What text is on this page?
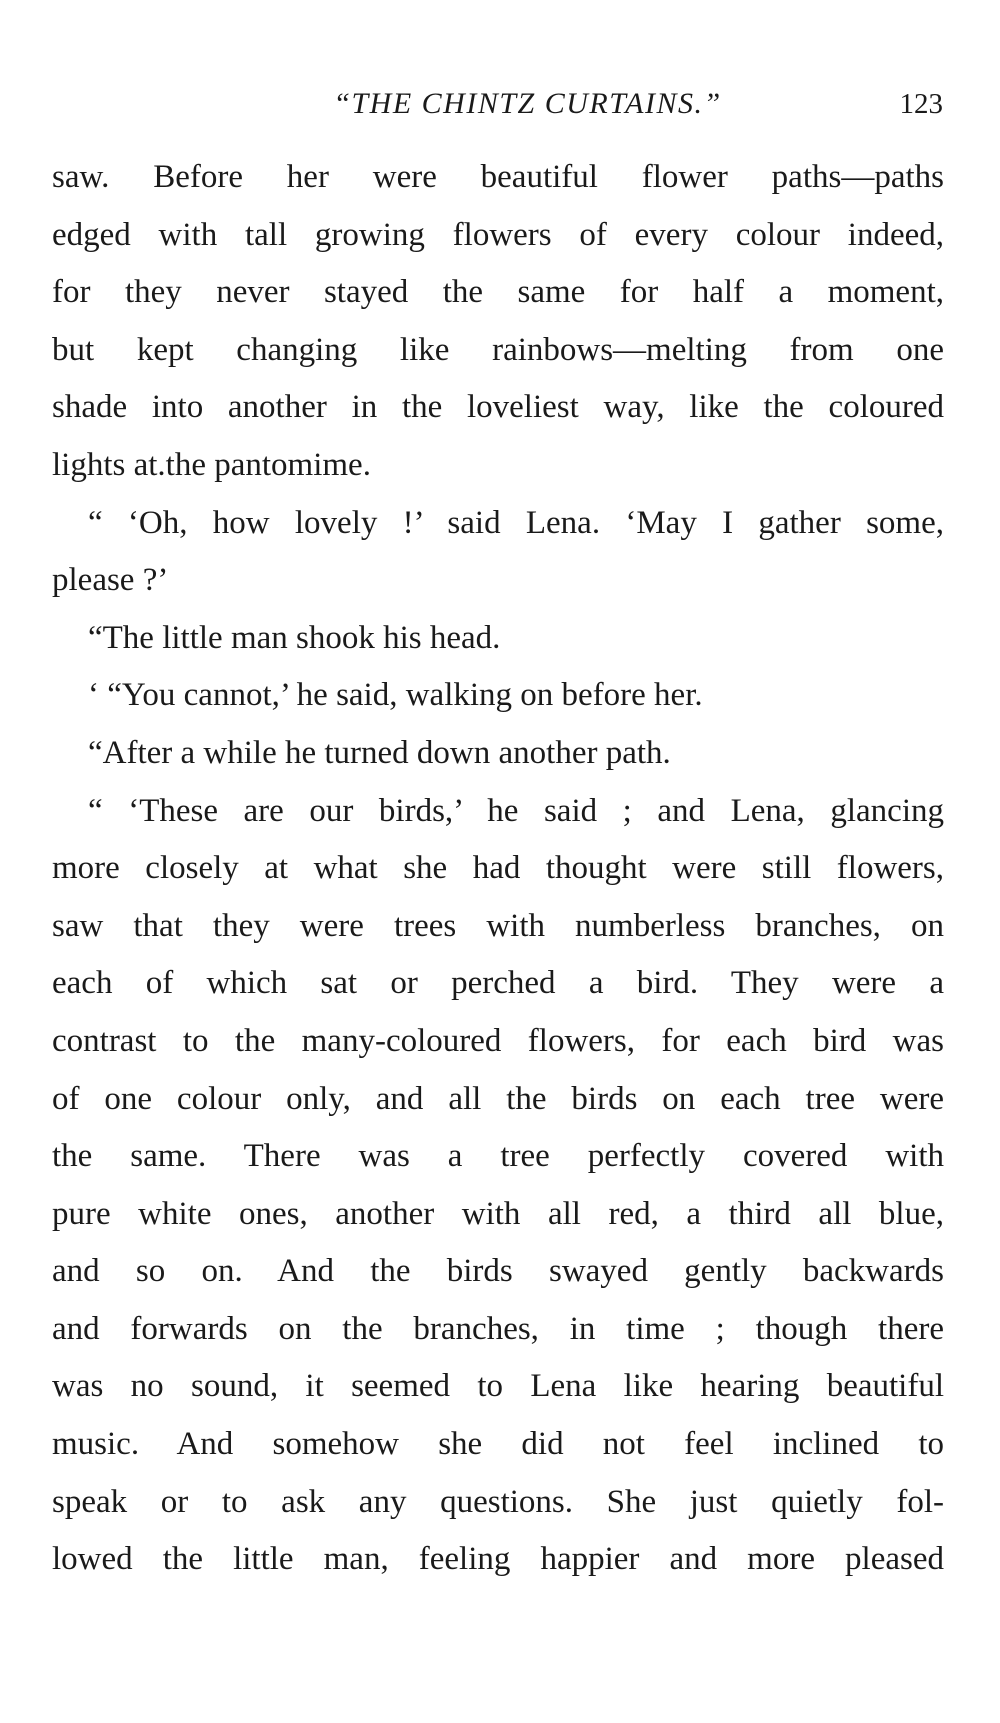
“THE CHINTZ CURTAINS.”	123
saw. Before her were beautiful flower paths—paths
edged with tall growing flowers of every colour indeed,
for they never stayed the same for half a moment,
but kept changing like rainbows—melting from one
shade into another in the loveliest way, like the coloured
lights at.the pantomime.
“ ‘Oh, how lovely !’ said Lena. ‘May I gather some,
please ?’
“The little man shook his head.
‘ “You cannot,’ he said, walking on before her.
“After a while he turned down another path.
“ ‘These are our birds,’ he said ; and Lena, glancing
more closely at what she had thought were still flowers,
saw that they were trees with numberless branches, on
each of which sat or perched a bird. They were a
contrast to the many-coloured flowers, for each bird was
of one colour only, and all the birds on each tree were
the same. There was a tree perfectly covered with
pure white ones, another with all red, a third all blue,
and so on. And the birds swayed gently backwards
and forwards on the branches, in time ; though there
was no sound, it seemed to Lena like hearing beautiful
music. And somehow she did not feel inclined to
speak or to ask any questions. She just quietly fol-
lowed the little man, feeling happier and more pleased
